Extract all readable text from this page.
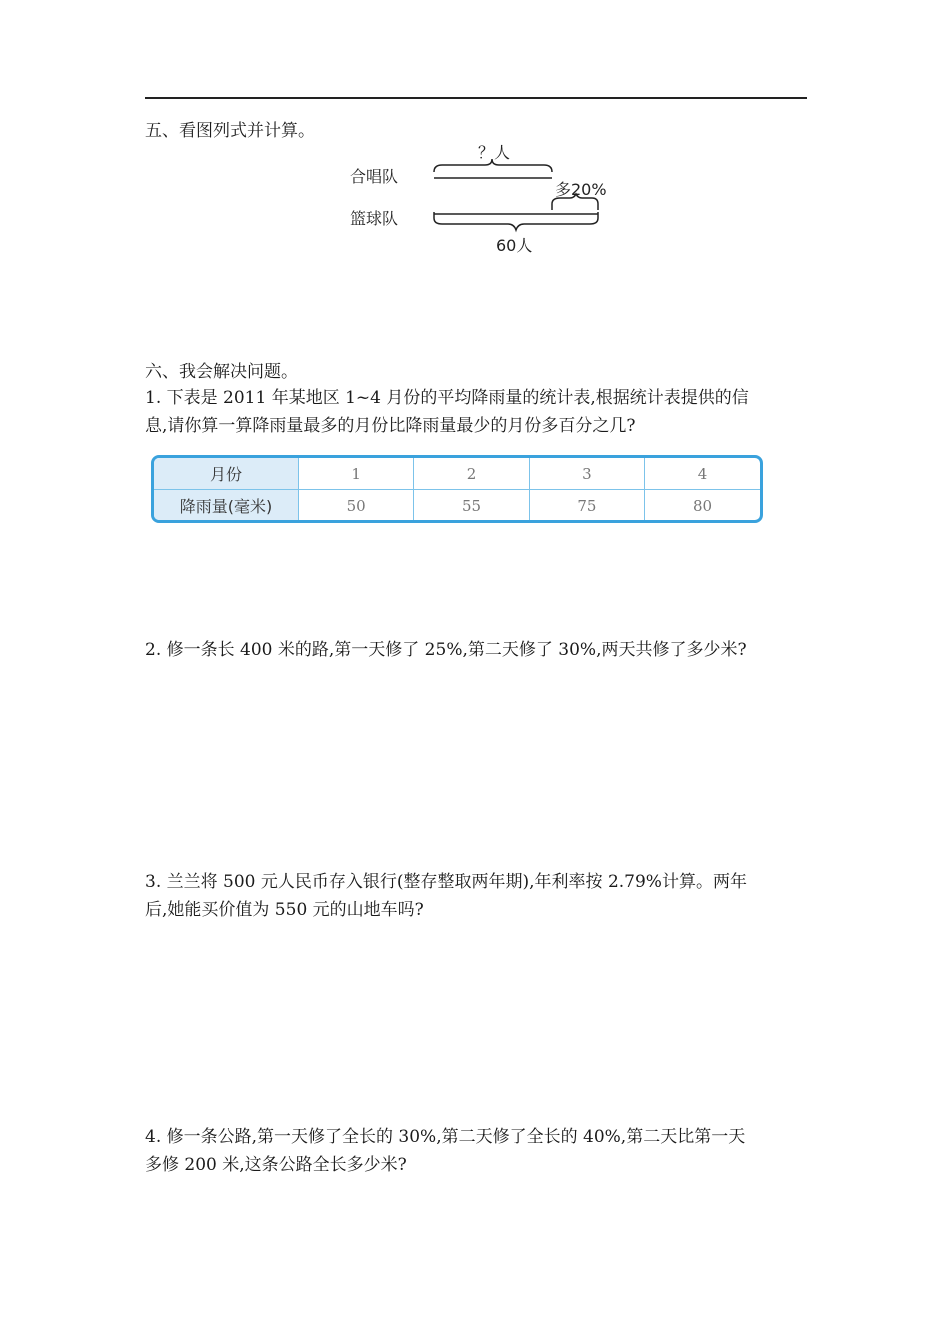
五、看图列式并计算。
合唱队
篮球队
？人
多20%
60人
六、我会解决问题。
1. 下表是 2011 年某地区 1~4 月份的平均降雨量的统计表,根据统计表提供的信
息,请你算一算降雨量最多的月份比降雨量最少的月份多百分之几?
月份	1	2	3	4
降雨量(毫米)	50	55	75	80
2. 修一条长 400 米的路,第一天修了 25%,第二天修了 30%,两天共修了多少米?
3. 兰兰将 500 元人民币存入银行(整存整取两年期),年利率按 2.79%计算。两年
后,她能买价值为 550 元的山地车吗?
4. 修一条公路,第一天修了全长的 30%,第二天修了全长的 40%,第二天比第一天
多修 200 米,这条公路全长多少米?
